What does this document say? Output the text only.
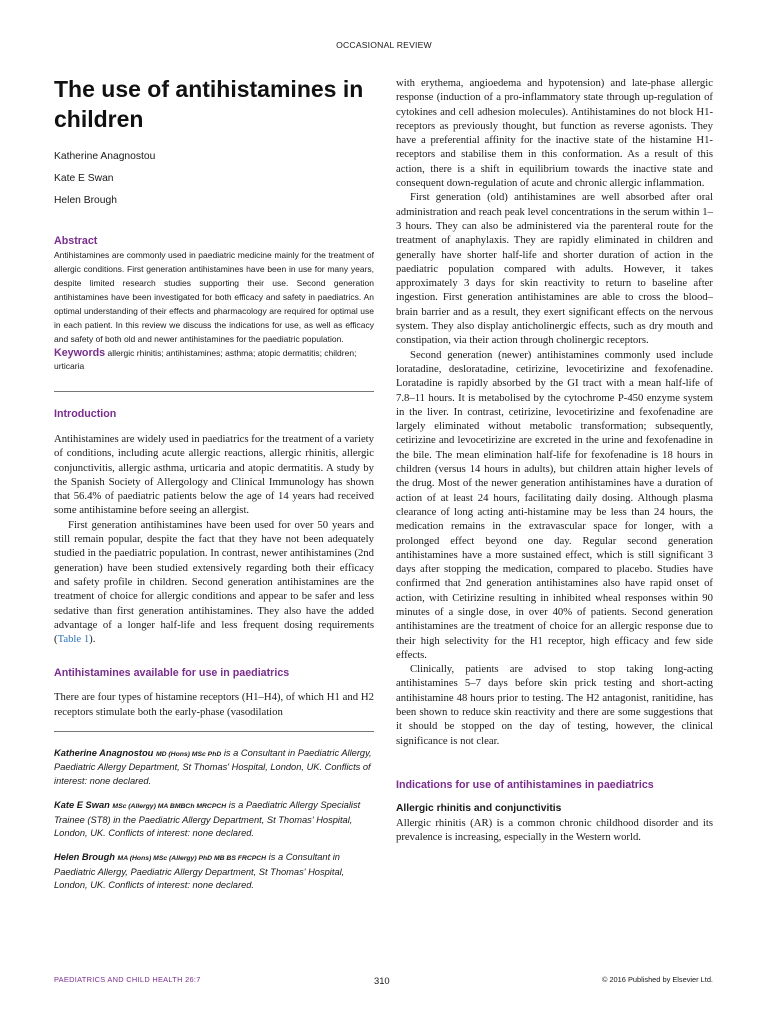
OCCASIONAL REVIEW
The use of antihistamines in children

Katherine Anagnostou

Kate E Swan

Helen Brough

Abstract

Antihistamines are commonly used in paediatric medicine mainly for the treatment of allergic conditions. First generation antihistamines have been in use for many years, despite limited research studies supporting their use. Second generation antihistamines have been investigated for both efficacy and safety in paediatrics. An optimal understanding of their effects and pharmacology are required for optimal use in each patient. In this review we discuss the indications for use, as well as efficacy and safety of both old and newer antihistamines for the paediatric population.

Keywords allergic rhinitis; antihistamines; asthma; atopic dermatitis; children; urticaria

Introduction

Antihistamines are widely used in paediatrics for the treatment of a variety of conditions, including acute allergic reactions, allergic rhinitis, allergic conjunctivitis, allergic asthma, urticaria and atopic dermatitis. A study by the Spanish Society of Allergology and Clinical Immunology has shown that 56.4% of paediatric patients below the age of 14 years had received some antihistamine before seeing an allergist.

First generation antihistamines have been used for over 50 years and still remain popular, despite the fact that they have not been adequately studied in the paediatric population. In contrast, newer antihistamines (2nd generation) have been studied extensively regarding both their efficacy and safety profile in children. Second generation antihistamines are the treatment of choice for allergic conditions and appear to be safer and less sedative than first generation antihistamines. They also have the added advantage of a longer half-life and less frequent dosing requirements (Table 1).

Antihistamines available for use in paediatrics

There are four types of histamine receptors (H1–H4), of which H1 and H2 receptors stimulate both the early-phase (vasodilation

Katherine Anagnostou MD (Hons) MSc PhD is a Consultant in Paediatric Allergy, Paediatric Allergy Department, St Thomas' Hospital, London, UK. Conflicts of interest: none declared.

Kate E Swan MSc (Allergy) MA BMBCh MRCPCH is a Paediatric Allergy Specialist Trainee (ST8) in the Paediatric Allergy Department, St Thomas' Hospital, London, UK. Conflicts of interest: none declared.

Helen Brough MA (Hons) MSc (Allergy) PhD MB BS FRCPCH is a Consultant in Paediatric Allergy, Paediatric Allergy Department, St Thomas' Hospital, London, UK. Conflicts of interest: none declared.

with erythema, angioedema and hypotension) and late-phase allergic response (induction of a pro-inflammatory state through up-regulation of cytokines and cell adhesion molecules). Antihistamines do not block H1-receptors as previously thought, but function as reverse agonists. They have a preferential affinity for the inactive state of the histamine H1-receptors and stabilise them in this conformation. As a result of this action, there is a shift in equilibrium towards the inactive state and consequent down-regulation of acute and chronic allergic inflammation.

First generation (old) antihistamines are well absorbed after oral administration and reach peak level concentrations in the serum within 1–3 hours. They can also be administered via the parenteral route for the treatment of anaphylaxis. They are rapidly eliminated in children and generally have shorter half-life and shorter duration of action in the paediatric population compared with adults. However, it takes approximately 3 days for skin reactivity to return to baseline after ingestion. First generation antihistamines are able to cross the blood–brain barrier and as a result, they exert significant effects on the nervous system. They also display anticholinergic effects, such as dry mouth and constipation, via their action through cholinergic receptors.

Second generation (newer) antihistamines commonly used include loratadine, desloratadine, cetirizine, levocetirizine and fexofenadine. Loratadine is rapidly absorbed by the GI tract with a mean half-life of 7.8–11 hours. It is metabolised by the cytochrome P-450 enzyme system in the liver. In contrast, cetirizine, levocetirizine and fexofenadine are largely eliminated without metabolic transformation; subsequently, cetirizine and levocetirizine are excreted in the urine and fexofenadine in the bile. The mean elimination half-life for fexofenadine is 18 hours in children (versus 14 hours in adults), but children attain higher levels of the drug. Most of the newer generation antihistamines have a duration of action of at least 24 hours, facilitating daily dosing. Although plasma clearance of long acting anti-histamine may be less than 24 hours, the medication remains in the extravascular space for longer, with a prolonged effect beyond one day. Regular second generation antihistamines have a more sustained effect, which is still significant 3 days after stopping the medication, compared to placebo. Studies have confirmed that 2nd generation antihistamines also have rapid onset of action, with Cetirizine resulting in inhibited wheal responses within 90 minutes of a single dose, in over 40% of patients. Second generation antihistamines are the treatment of choice for an allergic response due to their high selectivity for the H1 receptor, high efficacy and few side effects.

Clinically, patients are advised to stop taking long-acting antihistamines 5–7 days before skin prick testing and short-acting antihistamine 48 hours prior to testing. The H2 antagonist, ranitidine, has been shown to reduce skin reactivity and there are some suggestions that it should be stopped on the day of testing, however, the clinical significance is not clear.

Indications for use of antihistamines in paediatrics

Allergic rhinitis and conjunctivitis

Allergic rhinitis (AR) is a common chronic childhood disorder and its prevalence is increasing, especially in the Western world.

PAEDIATRICS AND CHILD HEALTH 26:7	310	© 2016 Published by Elsevier Ltd.
